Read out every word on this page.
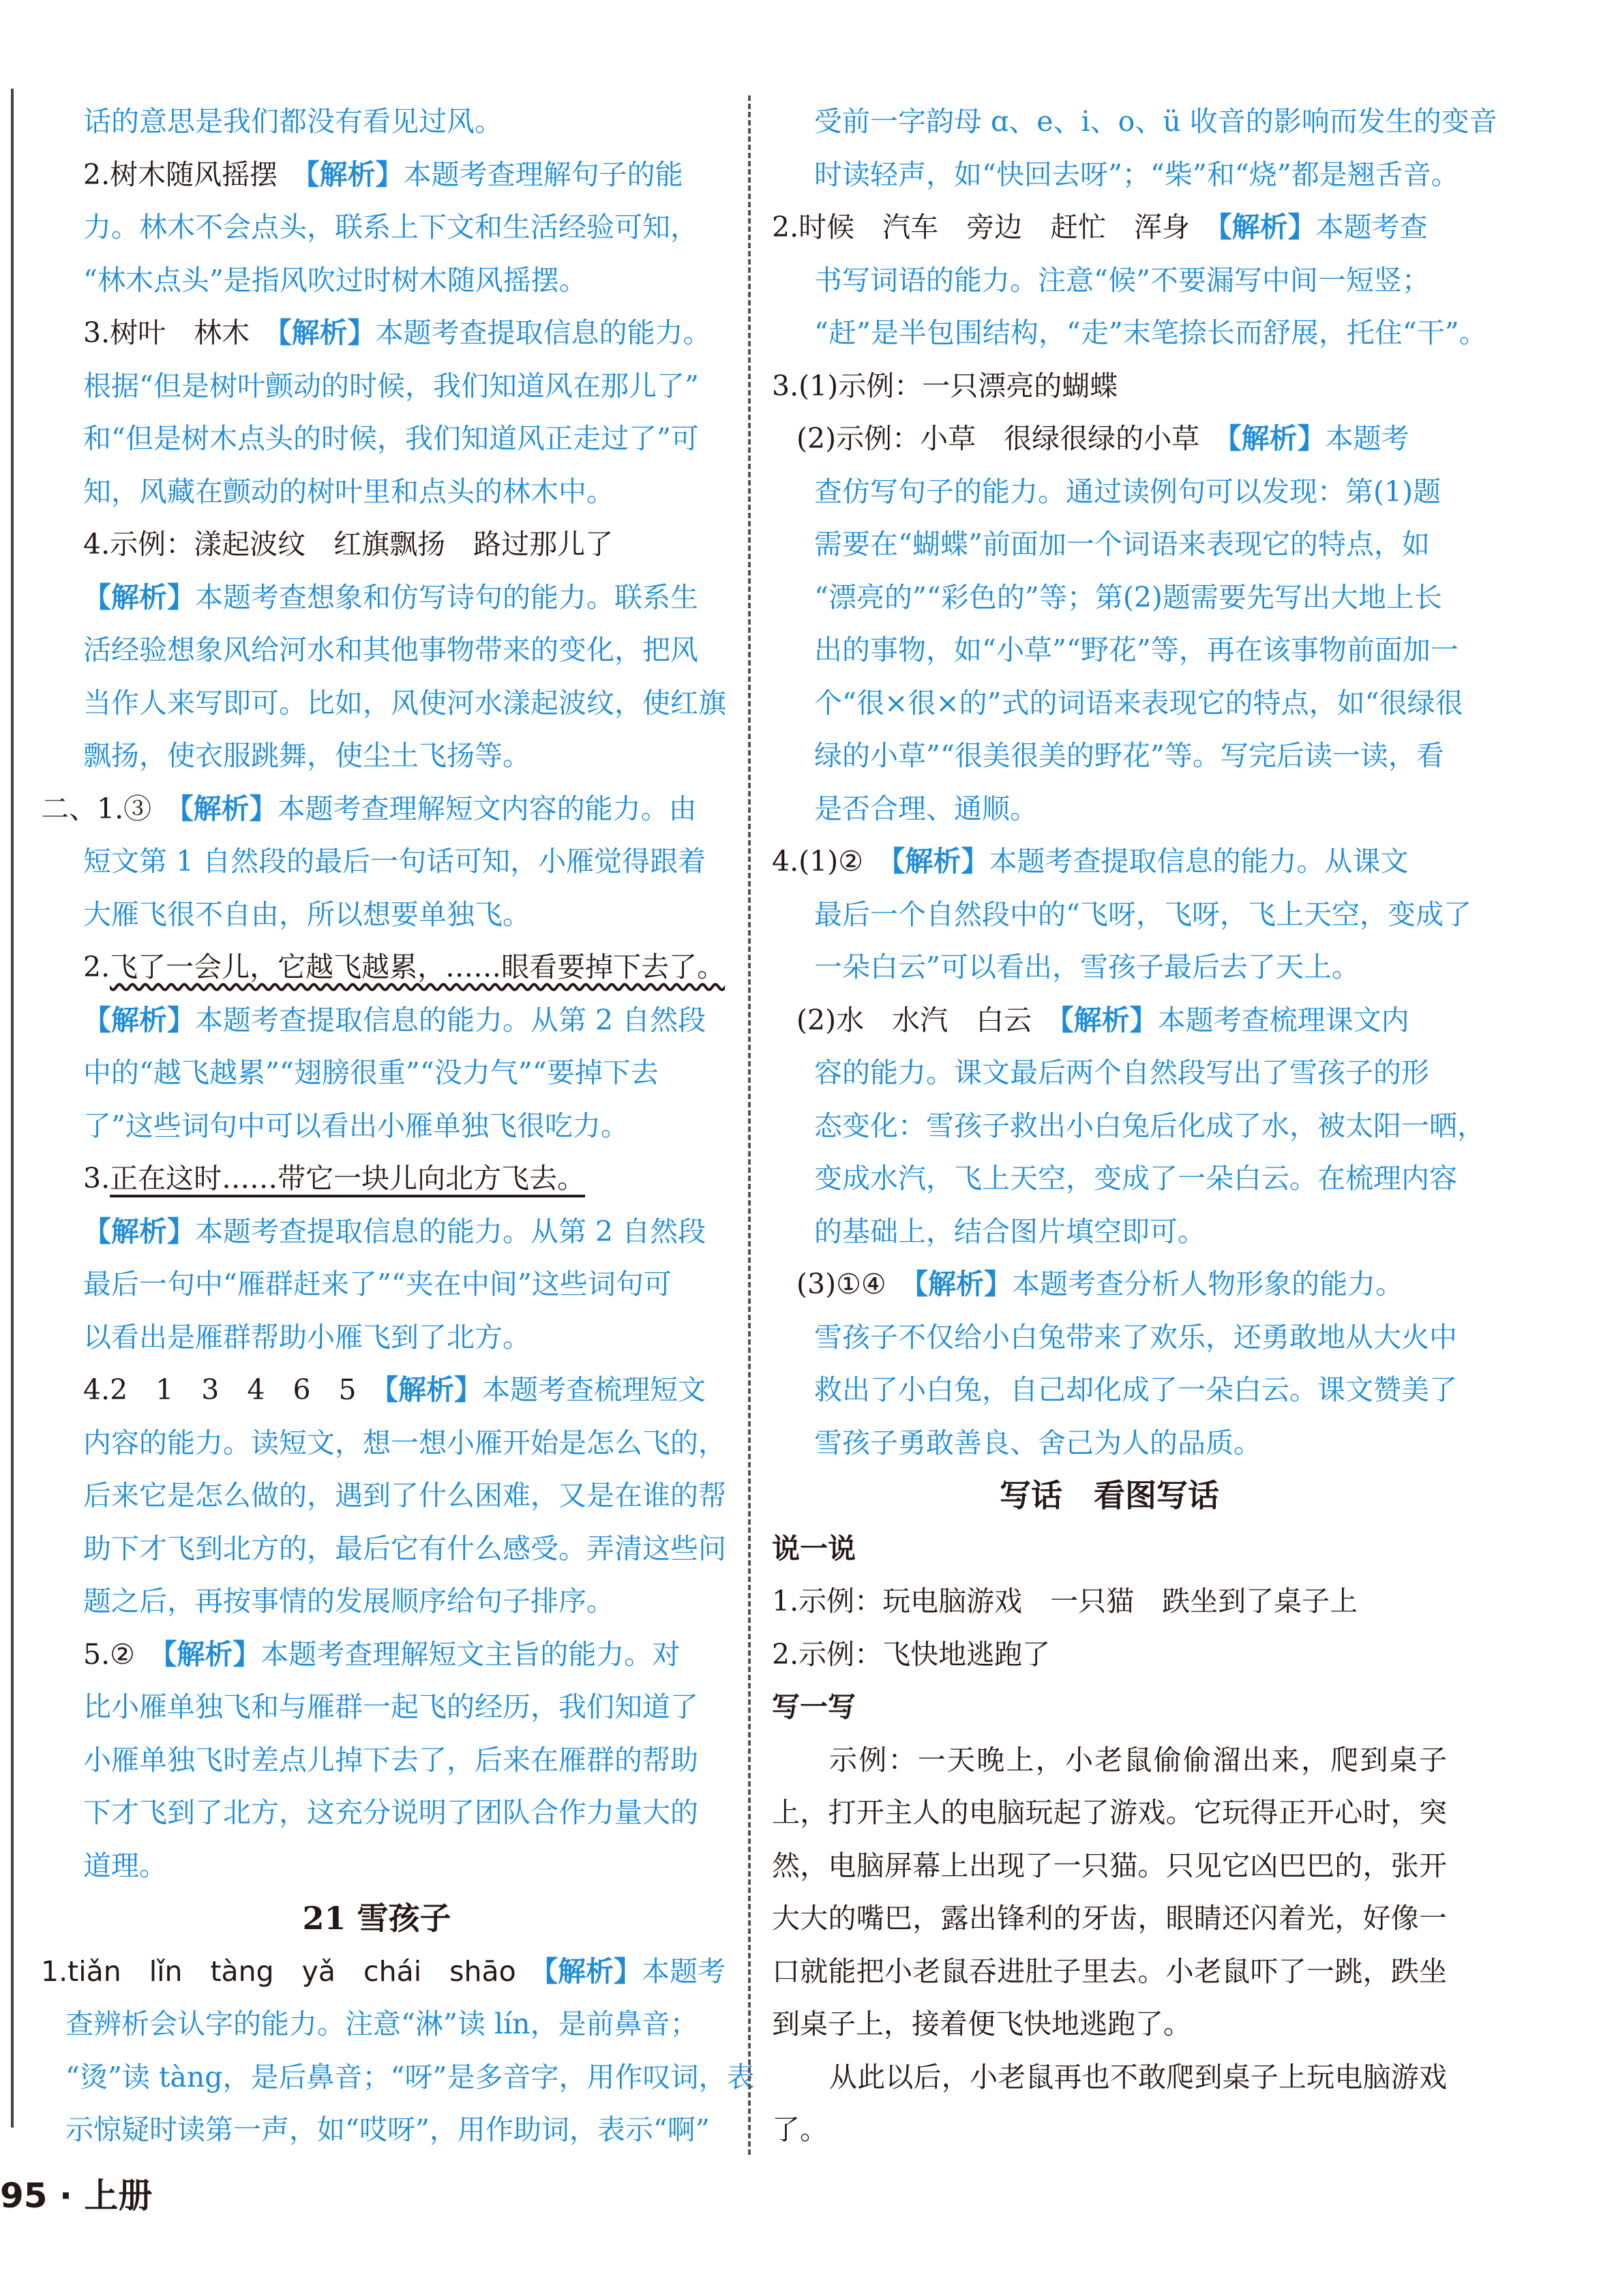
话的意思是我们都没有看见过风。

2.树木随风摇摆　【解析】本题考查理解句子的能

力。林木不会点头，联系上下文和生活经验可知，

“林木点头”是指风吹过时树木随风摇摆。

3.树叶　林木　【解析】本题考查提取信息的能力。

根据“但是树叶颤动的时候，我们知道风在那儿了”

和“但是树木点头的时候，我们知道风正走过了”可

知，风藏在颤动的树叶里和点头的林木中。

4.示例：漾起波纹　红旗飘扬　路过那儿了

【解析】本题考查想象和仿写诗句的能力。联系生

活经验想象风给河水和其他事物带来的变化，把风

当作人来写即可。比如，风使河水漾起波纹，使红旗

飘扬，使衣服跳舞，使尘土飞扬等。

二、1.③　【解析】本题考查理解短文内容的能力。由

短文第 1 自然段的最后一句话可知，小雁觉得跟着

大雁飞很不自由，所以想要单独飞。

2.飞了一会儿，它越飞越累，……眼看要掉下去了。

【解析】本题考查提取信息的能力。从第 2 自然段

中的“越飞越累”“翅膀很重”“没力气”“要掉下去

了”这些词句中可以看出小雁单独飞很吃力。

3.正在这时……带它一块儿向北方飞去。

【解析】本题考查提取信息的能力。从第 2 自然段

最后一句中“雁群赶来了”“夹在中间”这些词句可

以看出是雁群帮助小雁飞到了北方。

4.2　1　3　4　6　5　【解析】本题考查梳理短文

内容的能力。读短文，想一想小雁开始是怎么飞的，

后来它是怎么做的，遇到了什么困难，又是在谁的帮

助下才飞到北方的，最后它有什么感受。弄清这些问

题之后，再按事情的发展顺序给句子排序。

5.②　【解析】本题考查理解短文主旨的能力。对

比小雁单独飞和与雁群一起飞的经历，我们知道了

小雁单独飞时差点儿掉下去了，后来在雁群的帮助

下才飞到了北方，这充分说明了团队合作力量大的

道理。

21 雪孩子

1.tiǎn　lǐn　tàng　yǎ　chái　shāo　【解析】本题考

查辨析会认字的能力。注意“淋”读 lín，是前鼻音；

“烫”读 tàng，是后鼻音；“呀”是多音字，用作叹词，表

示惊疑时读第一声，如“哎呀”，用作助词，表示“啊”

受前一字韵母 ɑ、e、i、o、ü 收音的影响而发生的变音

时读轻声，如“快回去呀”；“柴”和“烧”都是翘舌音。

2.时候　汽车　旁边　赶忙　浑身　【解析】本题考查

书写词语的能力。注意“候”不要漏写中间一短竖；

“赶”是半包围结构，“走”末笔捺长而舒展，托住“干”。

3.(1)示例：一只漂亮的蝴蝶

(2)示例：小草　很绿很绿的小草　【解析】本题考

查仿写句子的能力。通过读例句可以发现：第(1)题

需要在“蝴蝶”前面加一个词语来表现它的特点，如

“漂亮的”“彩色的”等；第(2)题需要先写出大地上长

出的事物，如“小草”“野花”等，再在该事物前面加一

个“很×很×的”式的词语来表现它的特点，如“很绿很

绿的小草”“很美很美的野花”等。写完后读一读，看

是否合理、通顺。

4.(1)②　【解析】本题考查提取信息的能力。从课文

最后一个自然段中的“飞呀，飞呀，飞上天空，变成了

一朵白云”可以看出，雪孩子最后去了天上。

(2)水　水汽　白云　【解析】本题考查梳理课文内

容的能力。课文最后两个自然段写出了雪孩子的形

态变化：雪孩子救出小白兔后化成了水，被太阳一晒，

变成水汽，飞上天空，变成了一朵白云。在梳理内容

的基础上，结合图片填空即可。

(3)①④　【解析】本题考查分析人物形象的能力。

雪孩子不仅给小白兔带来了欢乐，还勇敢地从大火中

救出了小白兔，自己却化成了一朵白云。课文赞美了

雪孩子勇敢善良、舍己为人的品质。

写话　看图写话

说一说

1.示例：玩电脑游戏　一只猫　跌坐到了桌子上

2.示例：飞快地逃跑了

写一写

示例：一天晚上，小老鼠偷偷溜出来，爬到桌子上，打开主人的电脑玩起了游戏。它玩得正开心时，突然，电脑屏幕上出现了一只猫。只见它凶巴巴的，张开大大的嘴巴，露出锋利的牙齿，眼睛还闪着光，好像一口就能把小老鼠吞进肚子里去。小老鼠吓了一跳，跌坐到桌子上，接着便飞快地逃跑了。

从此以后，小老鼠再也不敢爬到桌子上玩电脑游戏了。

95 · 上册
